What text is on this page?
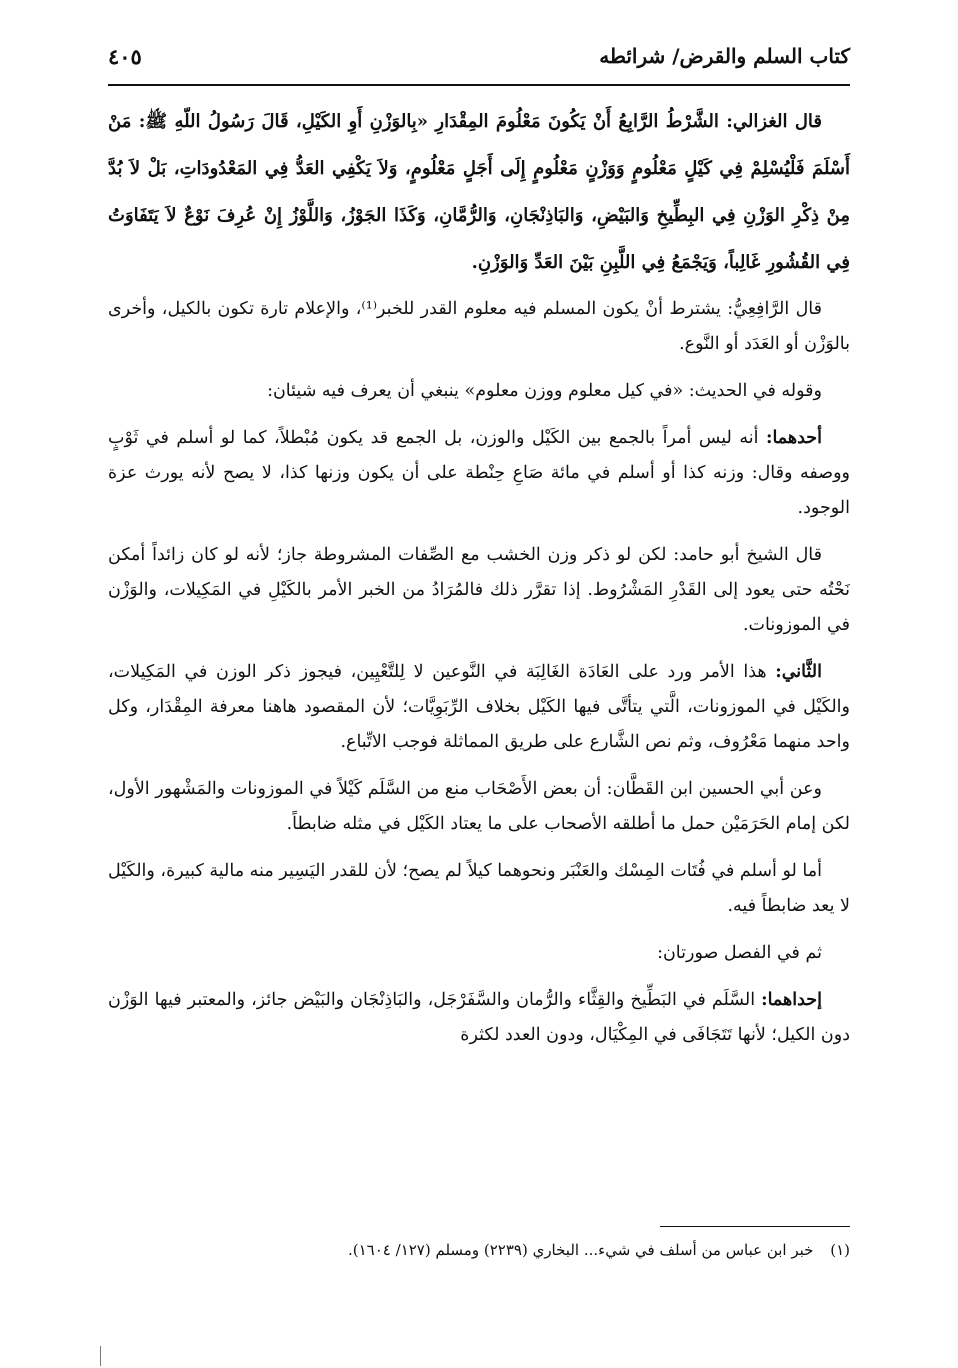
كتاب السلم والقرض/ شرائطه
٤٠٥

قال الغزالي: الشَّرْطُ الرَّابِعُ أَنْ يَكُونَ مَعْلُومَ المِقْدَارِ «بِالوَزْنِ أَوِ الكَيْلِ، قَالَ رَسُولُ اللّهِ ﷺ: مَنْ أَسْلَمَ فَلْيُسْلِمْ فِي كَيْلٍ مَعْلُومٍ وَوَزْنٍ مَعْلُومٍ إِلَى أَجَلٍ مَعْلُومٍ، وَلاَ يَكْفِي العَدُّ فِي المَعْدُودَاتِ، بَلْ لاَ بُدَّ مِنْ ذِكْرِ الوَزْنِ فِي البِطِّيخِ وَالبَيْضِ، وَالبَاذِنْجَانِ، وَالرُّمَّانِ، وَكَذَا الجَوْزُ، وَاللَّوْزُ إِنْ عُرِفَ نَوْعٌ لاَ يَتَفَاوَتُ فِي القُشُورِ غَالِباً، وَيَجْمَعُ فِي اللَّبِنِ بَيْنَ العَدِّ وَالوَزْنِ.

قال الرَّافِعِيُّ: يشترط أنْ يكون المسلم فيه معلوم القدر للخبر⁽¹⁾، والإعلام تارة تكون بالكيل، وأخرى بالوَزْن أو العَدَد أو النَّوع.

وقوله في الحديث: «في كيل معلوم ووزن معلوم» ينبغي أن يعرف فيه شيئان:

أحدهما: أنه ليس أمراً بالجمع بين الكَيْل والوزن، بل الجمع قد يكون مُبْطلاً، كما لو أسلم في ثَوْبٍ ووصفه وقال: وزنه كذا أو أسلم في مائة صَاعِ حِنْطة على أن يكون وزنها كذا، لا يصح لأنه يورث عزة الوجود.

قال الشيخ أبو حامد: لكن لو ذكر وزن الخشب مع الصِّفات المشروطة جاز؛ لأنه لو كان زائداً أمكن نَحْتُه حتى يعود إلى القَدْرِ المَشْرُوط. إذا تقرَّر ذلك فالمُرَادُ من الخبر الأمر بالكَيْلِ في المَكِيلات، والوَزْن في الموزونات.

الثَّاني: هذا الأمر ورد على العَادَة الغَالِبَة في النَّوعين لا لِلتَّعْيِين، فيجوز ذكر الوزن في المَكِيلات، والكَيْل في الموزونات، الَّتي يتأتَّى فيها الكَيْل بخلاف الرِّبَوِيَّات؛ لأن المقصود هاهنا معرفة المِقْدَار، وكل واحد منهما مَعْرُوف، وثم نص الشَّارع على طريق المماثلة فوجب الاتِّباع.

وعن أبي الحسين ابن القَطَّان: أن بعض الأَصْحَاب منع من السَّلَم كَيْلاً في الموزونات والمَشْهور الأول، لكن إمام الحَرَمَيْن حمل ما أطلقه الأصحاب على ما يعتاد الكَيْل في مثله ضابطاً.

أما لو أسلم في فُتَات المِسْك والعَنْبَر ونحوهما كيلاً لم يصح؛ لأن للقدر اليَسِير منه مالية كبيرة، والكَيْل لا يعد ضابطاً فيه.

ثم في الفصل صورتان:

إحداهما: السَّلَم في البَطِّيخ والقِثَّاء والرُّمان والسَّفَرْجَل، والبَاذِنْجَان والبَيْض جائز، والمعتبر فيها الوَزْن دون الكيل؛ لأنها تَتَجَافَى في المِكْيَال، ودون العدد لكثرة

(١) خبر ابن عباس من أسلف في شيء... البخاري (٢٢٣٩) ومسلم (١٢٧/ ١٦٠٤).
